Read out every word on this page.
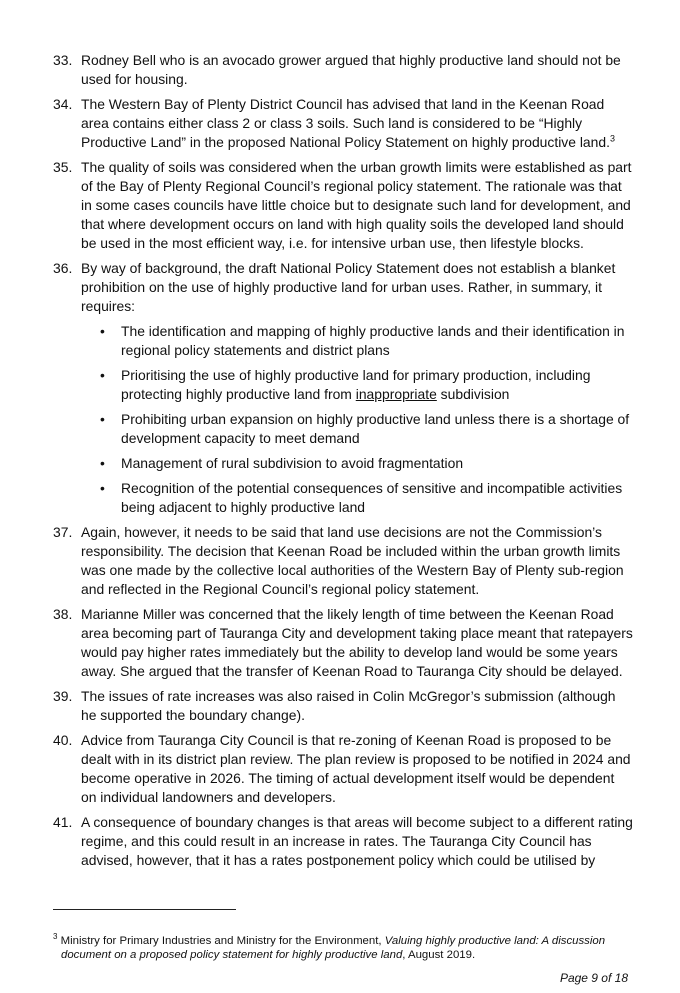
33. Rodney Bell who is an avocado grower argued that highly productive land should not be used for housing.
34. The Western Bay of Plenty District Council has advised that land in the Keenan Road area contains either class 2 or class 3 soils. Such land is considered to be “Highly Productive Land” in the proposed National Policy Statement on highly productive land.$^3$
35. The quality of soils was considered when the urban growth limits were established as part of the Bay of Plenty Regional Council’s regional policy statement. The rationale was that in some cases councils have little choice but to designate such land for development, and that where development occurs on land with high quality soils the developed land should be used in the most efficient way, i.e. for intensive urban use, then lifestyle blocks.
36. By way of background, the draft National Policy Statement does not establish a blanket prohibition on the use of highly productive land for urban uses. Rather, in summary, it requires:
• The identification and mapping of highly productive lands and their identification in regional policy statements and district plans
• Prioritising the use of highly productive land for primary production, including protecting highly productive land from inappropriate subdivision
• Prohibiting urban expansion on highly productive land unless there is a shortage of development capacity to meet demand
• Management of rural subdivision to avoid fragmentation
• Recognition of the potential consequences of sensitive and incompatible activities being adjacent to highly productive land
37. Again, however, it needs to be said that land use decisions are not the Commission’s responsibility. The decision that Keenan Road be included within the urban growth limits was one made by the collective local authorities of the Western Bay of Plenty sub-region and reflected in the Regional Council’s regional policy statement.
38. Marianne Miller was concerned that the likely length of time between the Keenan Road area becoming part of Tauranga City and development taking place meant that ratepayers would pay higher rates immediately but the ability to develop land would be some years away. She argued that the transfer of Keenan Road to Tauranga City should be delayed.
39. The issues of rate increases was also raised in Colin McGregor’s submission (although he supported the boundary change).
40. Advice from Tauranga City Council is that re-zoning of Keenan Road is proposed to be dealt with in its district plan review. The plan review is proposed to be notified in 2024 and become operative in 2026. The timing of actual development itself would be dependent on individual landowners and developers.
41. A consequence of boundary changes is that areas will become subject to a different rating regime, and this could result in an increase in rates. The Tauranga City Council has advised, however, that it has a rates postponement policy which could be utilised by
$^3$ Ministry for Primary Industries and Ministry for the Environment, Valuing highly productive land: A discussion document on a proposed policy statement for highly productive land, August 2019.
Page 9 of 18
